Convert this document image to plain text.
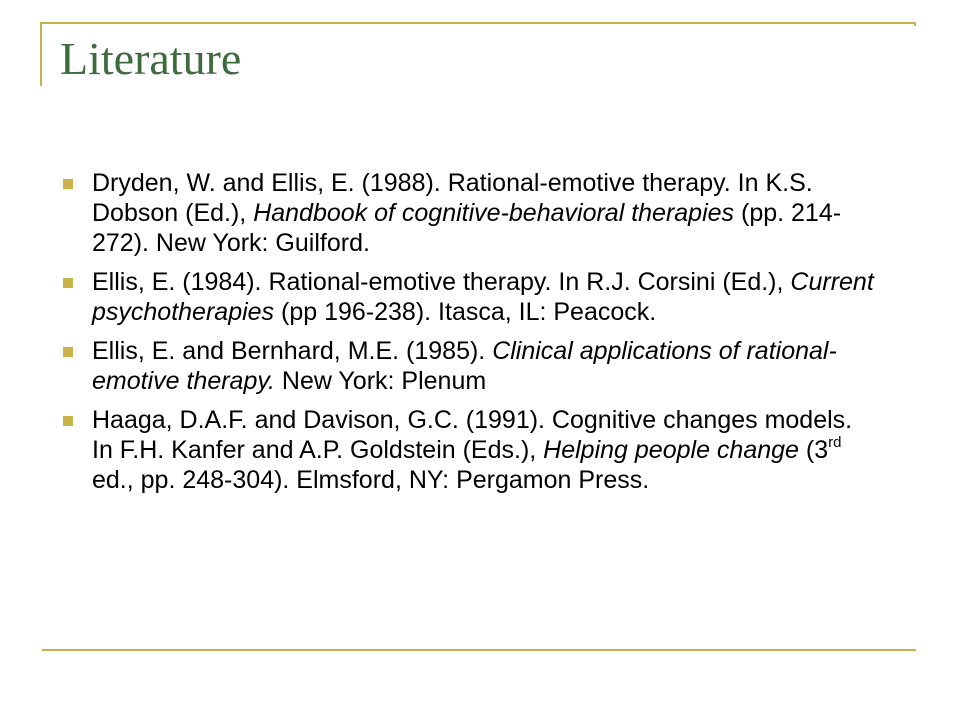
Literature
Dryden, W. and Ellis, E. (1988). Rational-emotive therapy. In K.S. Dobson (Ed.), Handbook of cognitive-behavioral therapies (pp. 214-272). New York: Guilford.
Ellis, E. (1984). Rational-emotive therapy. In R.J. Corsini (Ed.), Current psychotherapies (pp 196-238). Itasca, IL: Peacock.
Ellis, E. and Bernhard, M.E. (1985). Clinical applications of rational-emotive therapy. New York: Plenum
Haaga, D.A.F. and Davison, G.C. (1991). Cognitive changes models. In F.H. Kanfer and A.P. Goldstein (Eds.), Helping people change (3rd ed., pp. 248-304). Elmsford, NY: Pergamon Press.
